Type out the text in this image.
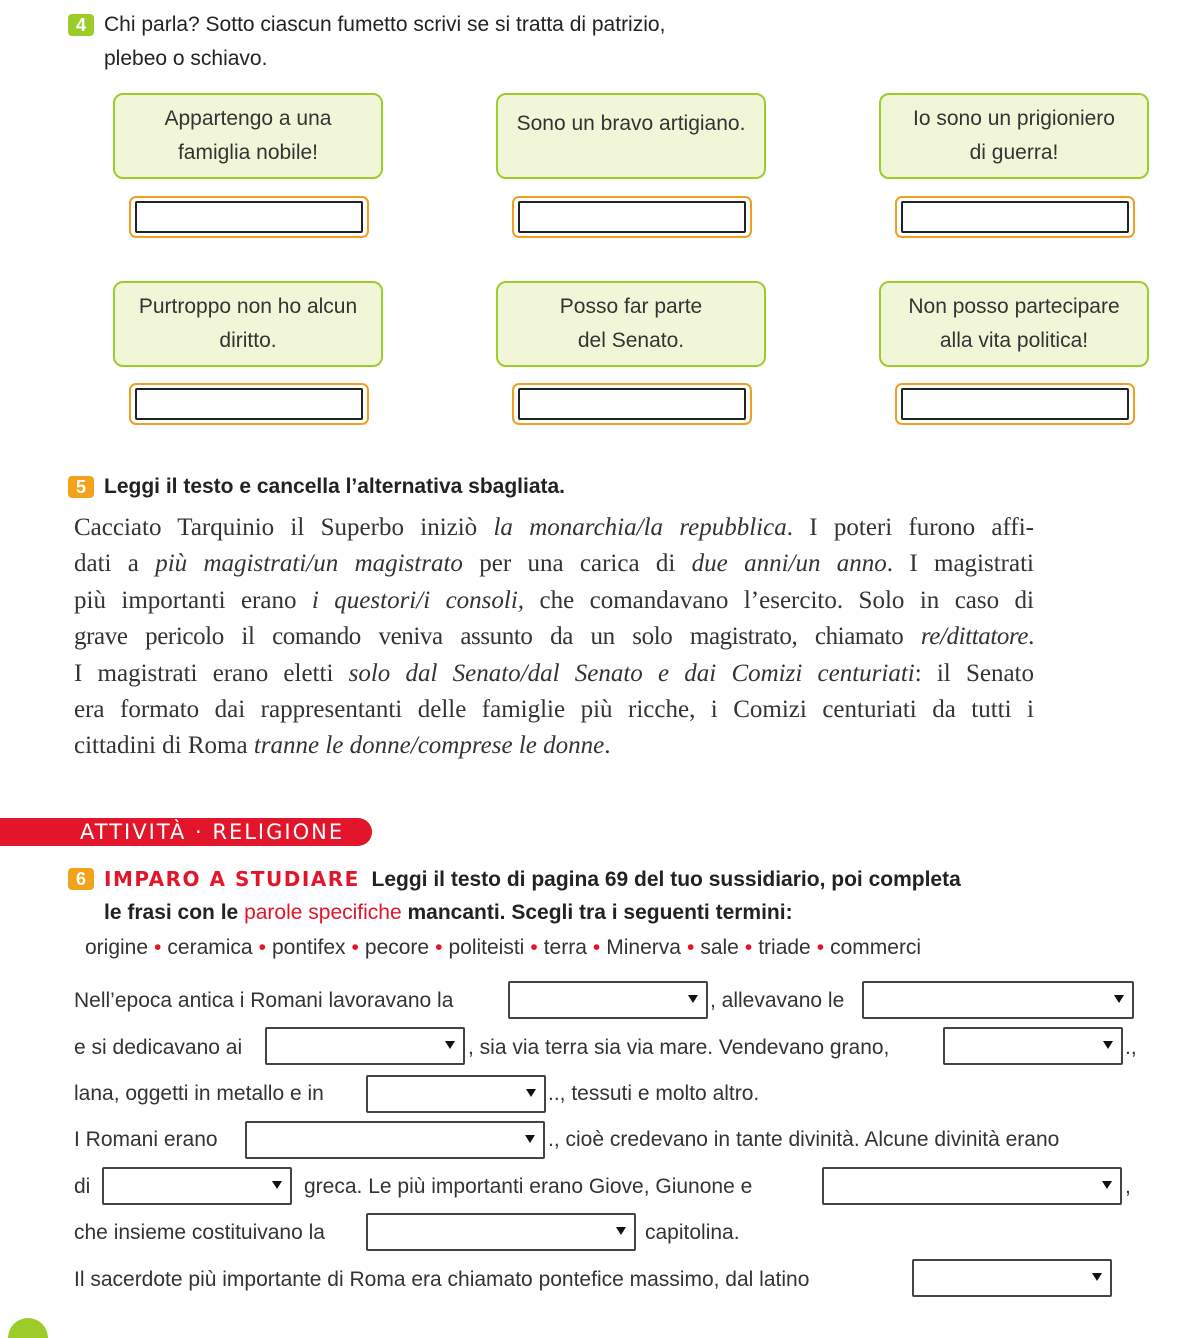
4 Chi parla? Sotto ciascun fumetto scrivi se si tratta di patrizio,
plebeo o schiavo.
Appartengo a una
famiglia nobile!
Sono un bravo artigiano.	Io sono un prigioniero
di guerra!
Purtroppo non ho alcun
diritto.
Posso far parte
del Senato.
Non posso partecipare
alla vita politica!
5 Leggi il testo e cancella l’alternativa sbagliata.
Cacciato Tarquinio il Superbo iniziò la monarchia/la repubblica. I poteri furono affi-
dati a più magistrati/un magistrato per una carica di due anni/un anno. I magistrati
più importanti erano i questori/i consoli, che comandavano l’esercito. Solo in caso di
grave pericolo il comando veniva assunto da un solo magistrato, chiamato re/dittatore.
I magistrati erano eletti solo dal Senato/dal Senato e dai Comizi centuriati: il Senato
era formato dai rappresentanti delle famiglie più ricche, i Comizi centuriati da tutti i
cittadini di Roma tranne le donne/comprese le donne.
ATTIVITÀ · RELIGIONE
6 IMPARO A STUDIARE Leggi il testo di pagina 69 del tuo sussidiario, poi completa
le frasi con le parole specifiche mancanti. Scegli tra i seguenti termini:
origine • ceramica • pontifex • pecore • politeisti • terra • Minerva • sale • triade • commerci
Nell’epoca antica i Romani lavoravano la	, allevavano le
e si dedicavano ai	, sia via terra sia via mare. Vendevano grano,	.,
lana, oggetti in metallo e in	.., tessuti e molto altro.
I Romani erano	., cioè credevano in tante divinità. Alcune divinità erano
di	greca. Le più importanti erano Giove, Giunone e	,
che insieme costituivano la	capitolina.
Il sacerdote più importante di Roma era chiamato pontefice massimo, dal latino
